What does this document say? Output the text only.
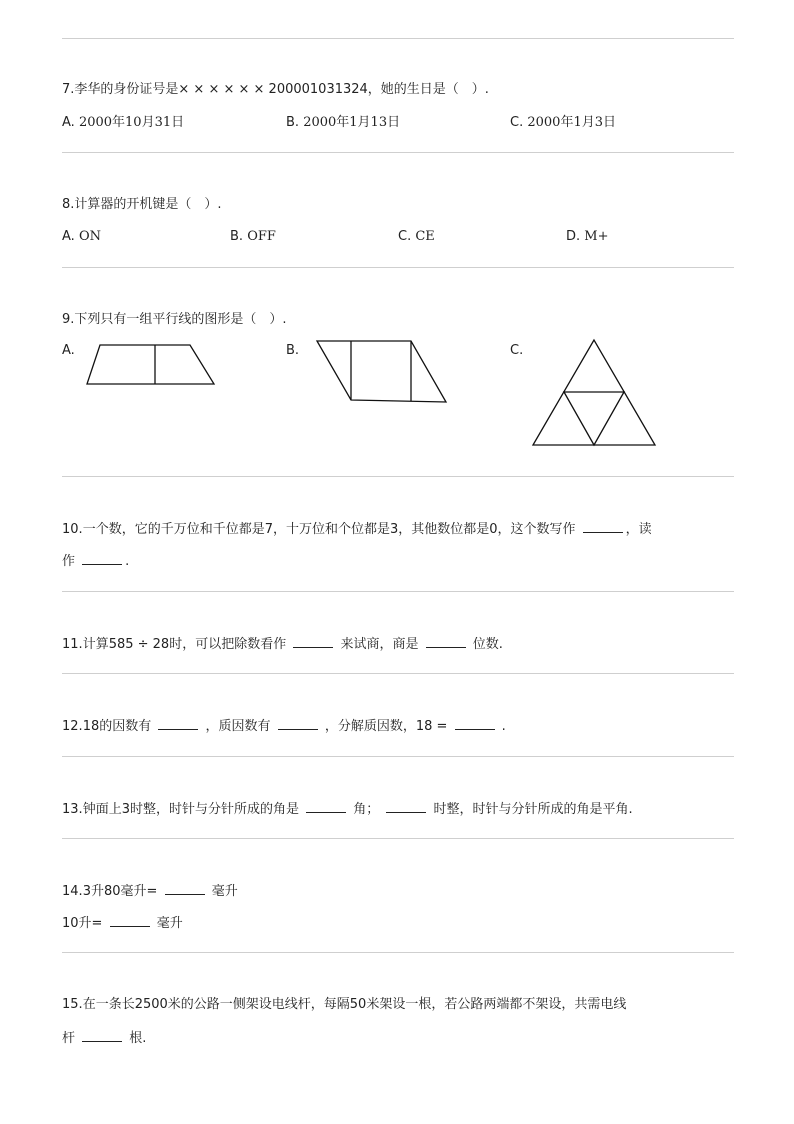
7.李华的身份证号是× × × × × × 200001031324，她的生日是（　）.
A. 2000年10月31日	B. 2000年1月13日	C. 2000年1月3日
8.计算器的开机键是（　）.
A. ON	B. OFF	C. CE	D. M+
9.下列只有一组平行线的图形是（　）.
A.	B.	C.
10.一个数，它的千万位和千位都是7，十万位和个位都是3，其他数位都是0，这个数写作	，读
作	.
11.计算585 ÷ 28时，可以把除数看作	来试商，商是	位数.
12.18的因数有	，质因数有	，分解质因数，18 =	.
13.钟面上3时整，时针与分针所成的角是	角；	时整，时针与分针所成的角是平角.
14.3升80毫升=	毫升
10升=	毫升
15.在一条长2500米的公路一侧架设电线杆，每隔50米架设一根，若公路两端都不架设，共需电线
杆	根.
